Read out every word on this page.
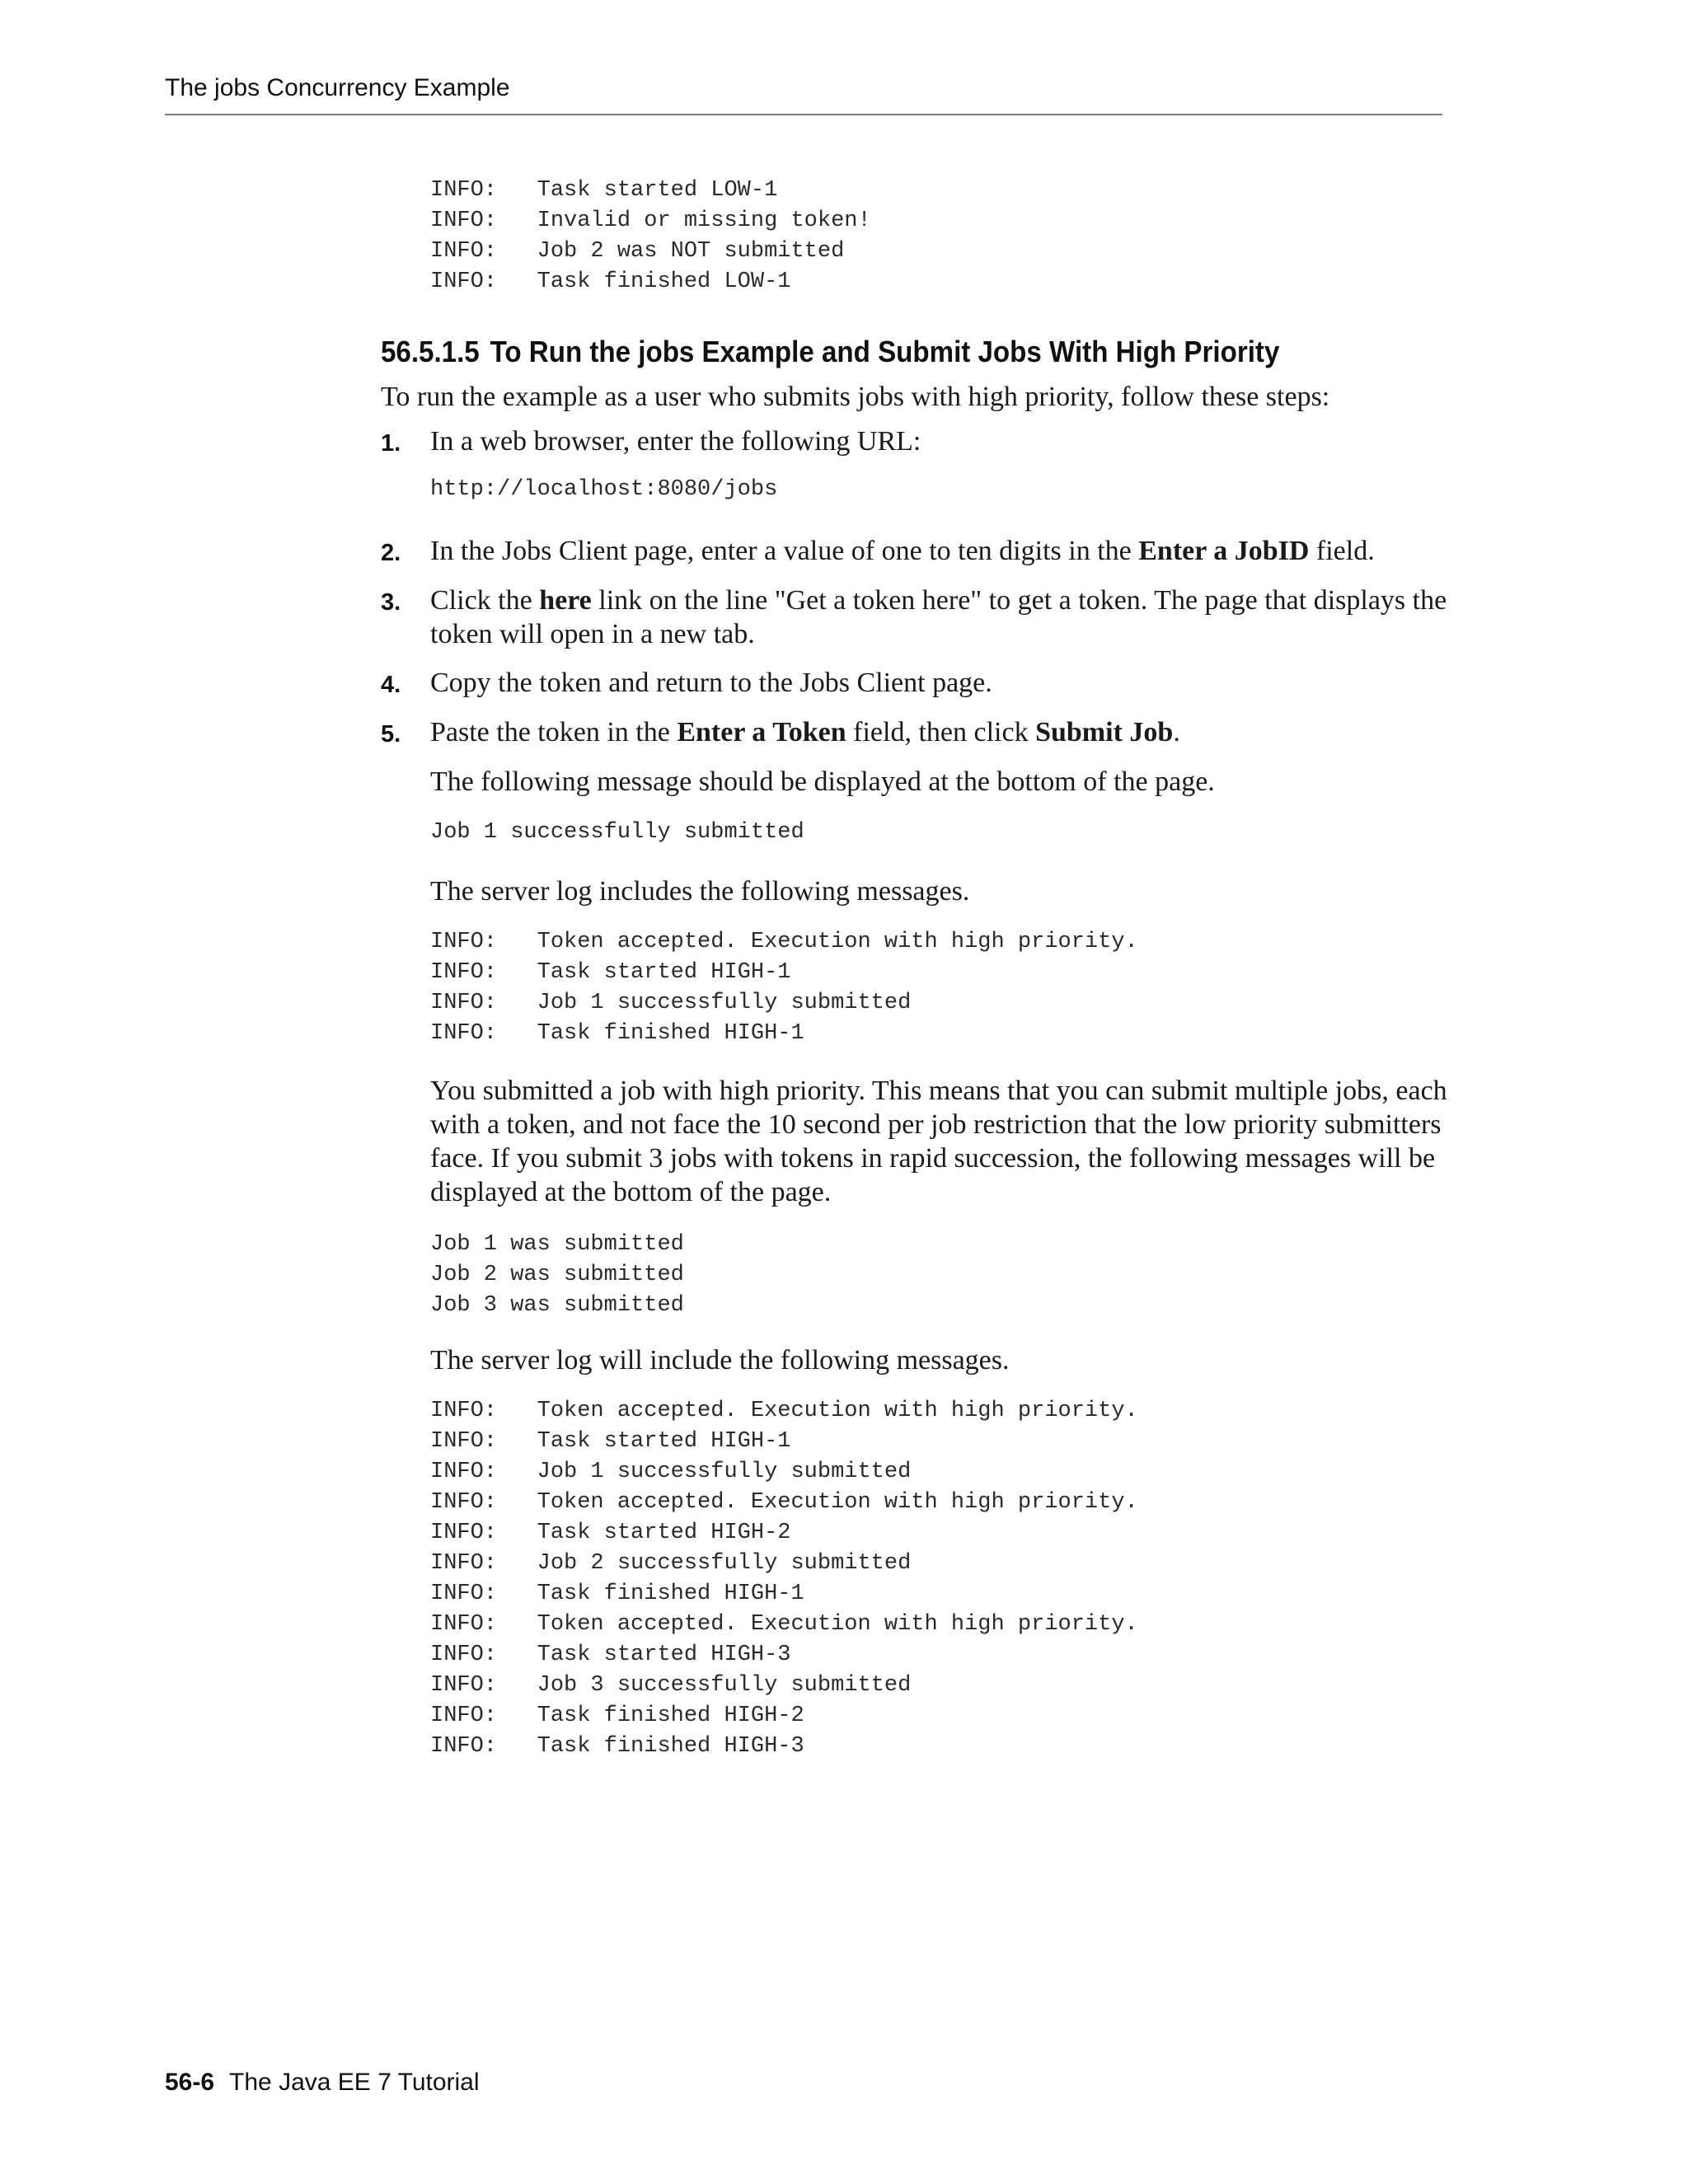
The jobs Concurrency Example
INFO:   Task started LOW-1
INFO:   Invalid or missing token!
INFO:   Job 2 was NOT submitted
INFO:   Task finished LOW-1
56.5.1.5 To Run the jobs Example and Submit Jobs With High Priority

To run the example as a user who submits jobs with high priority, follow these steps:

1. In a web browser, enter the following URL:
http://localhost:8080/jobs
2. In the Jobs Client page, enter a value of one to ten digits in the Enter a JobID field.
3. Click the here link on the line "Get a token here" to get a token. The page that displays the token will open in a new tab.
4. Copy the token and return to the Jobs Client page.
5. Paste the token in the Enter a Token field, then click Submit Job.

The following message should be displayed at the bottom of the page.

Job 1 successfully submitted

The server log includes the following messages.

INFO:   Token accepted. Execution with high priority.
INFO:   Task started HIGH-1
INFO:   Job 1 successfully submitted
INFO:   Task finished HIGH-1

You submitted a job with high priority. This means that you can submit multiple jobs, each with a token, and not face the 10 second per job restriction that the low priority submitters face. If you submit 3 jobs with tokens in rapid succession, the following messages will be displayed at the bottom of the page.

Job 1 was submitted
Job 2 was submitted
Job 3 was submitted

The server log will include the following messages.

INFO:   Token accepted. Execution with high priority.
INFO:   Task started HIGH-1
INFO:   Job 1 successfully submitted
INFO:   Token accepted. Execution with high priority.
INFO:   Task started HIGH-2
INFO:   Job 2 successfully submitted
INFO:   Task finished HIGH-1
INFO:   Token accepted. Execution with high priority.
INFO:   Task started HIGH-3
INFO:   Job 3 successfully submitted
INFO:   Task finished HIGH-2
INFO:   Task finished HIGH-3
56-6 The Java EE 7 Tutorial
